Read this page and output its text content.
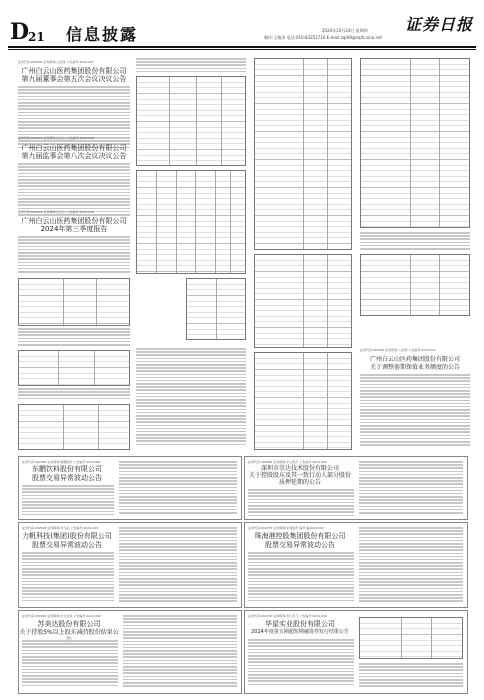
D
21 信息披露	2024年10月24日 星期四
制作:王敬涛 电话:010-83251716 E-mail:zqrb9@zqrb.sina.net
证券日报
证券代码:603000 证券简称:人民网 公告编号:2024-047
广州白云山医药集团股份有限公司
第九届董事会第五次会议决议公告
证券代码:600332 证券简称:白云山 公告编号:2024-048
广州白云山医药集团股份有限公司
第九届监事会第八次会议决议公告
证券代码:600332 证券简称:白云山 公告编号:2024-049
广州白云山医药集团股份有限公司
2024年第三季度报告
证券代码:603000 证券简称:人民网 公告编号:2024-047
广州白云山医药集团股份有限公司
关于调整套期保值业务额度的公告
证券代码:002565 证券简称:顺灏股份 公告编号:2024-081
东鹏饮料股份有限公司
股票交易异常波动公告
证券代码:002528 证券简称:英飞拓 公告编号:2024-043
力帆科技(集团)股份有限公司
股票交易异常波动公告
证券代码:300364 证券简称:中文在线 公告编号:2024-090
苏美达股份有限公司
关于持股5%以上股东减持股份结果公
证券代码:300562 证券简称:乐心医疗 公告编号:2024-065
深圳市崇达技术股份有限公司
关于控股股东及其一致行动人部分股份
质押延期的公告
证券代码:600787 证券简称:中储股份 编号:临2024-063
珠海港控股集团股份有限公司
股票交易异常波动公告
证券代码:002230 证券简称:科大讯飞 公告编号:2024-048
华星实业股份有限公司
2024年度第五期超短期融资券发行结果公告
